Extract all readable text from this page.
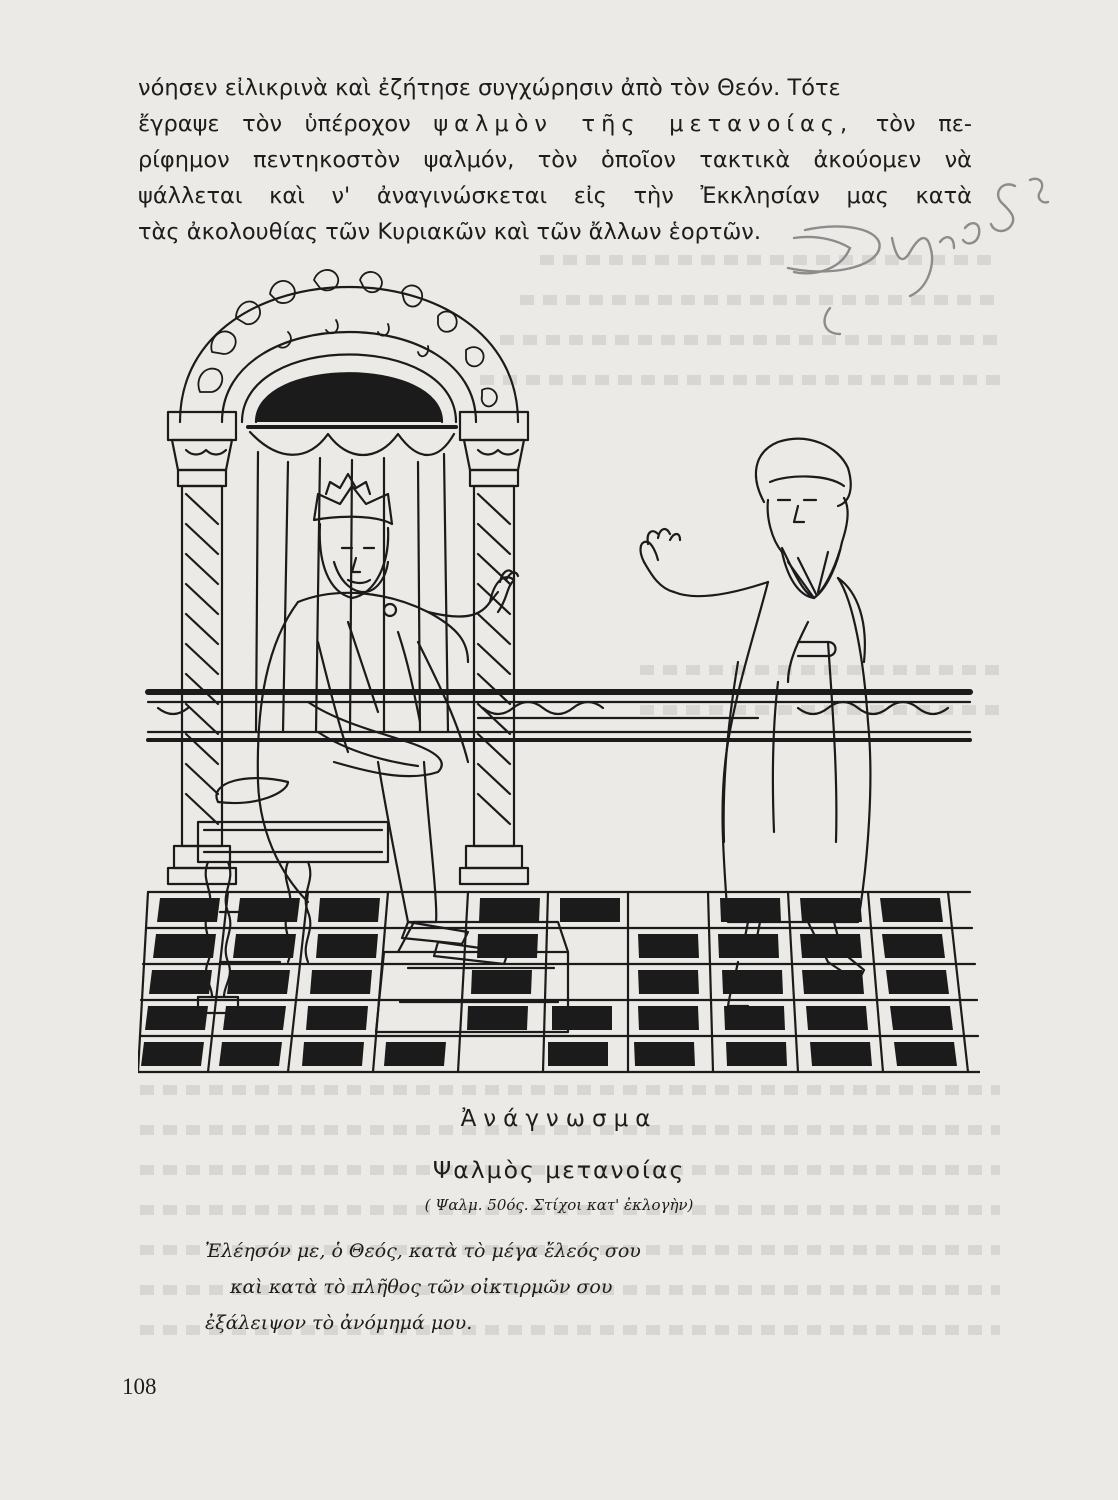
νόησεν εἰλικρινὰ καὶ ἐζήτησε συγχώρησιν ἀπὸ τὸν Θεόν. Τότε

ἔγραψε τὸν ὑπέροχον ψαλμὸν τῆς μετανοίας, τὸν πε-

ρίφημον πεντηκοστὸν ψαλμόν, τὸν ὁποῖον τακτικὰ ἀκούομεν νὰ

ψάλλεται καὶ ν' ἀναγινώσκεται εἰς τὴν Ἐκκλησίαν μας κατὰ

τὰς ἀκολουθίας τῶν Κυριακῶν καὶ τῶν ἄλλων ἑορτῶν.

Ἀνάγνωσμα

Ψαλμὸς μετανοίας

( Ψαλμ. 50ός. Στίχοι κατ' ἐκλογὴν)

Ἐλέησόν με, ὁ Θεός, κατὰ τὸ μέγα ἔλεός σου

καὶ κατὰ τὸ πλῆθος τῶν οἰκτιρμῶν σου

ἐξάλειψον τὸ ἀνόμημά μου.

108
